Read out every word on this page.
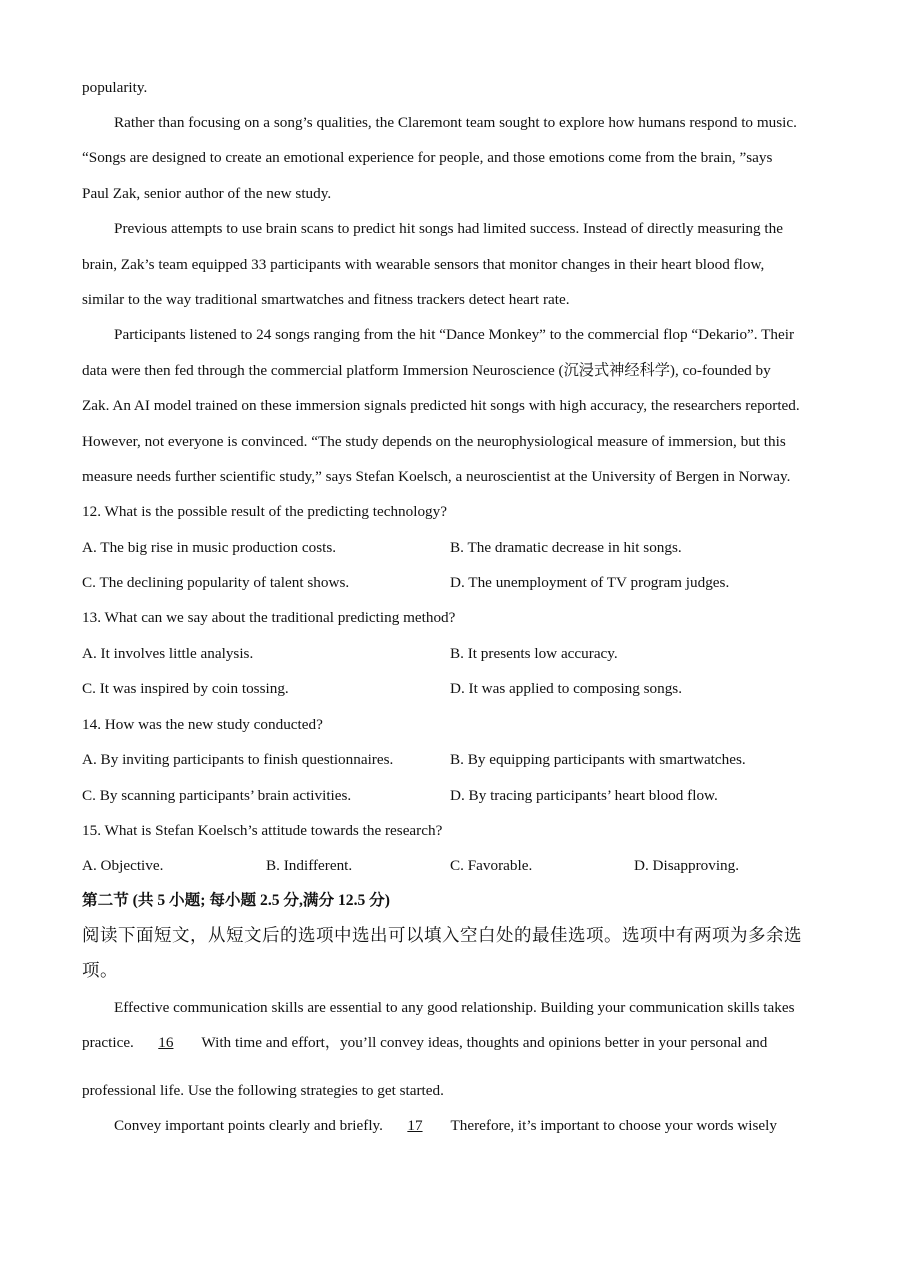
popularity.
Rather than focusing on a song’s qualities, the Claremont team sought to explore how humans respond to music.
“Songs are designed to create an emotional experience for people, and those emotions come from the brain, ”says
Paul Zak, senior author of the new study.
Previous attempts to use brain scans to predict hit songs had limited success. Instead of directly measuring the
brain, Zak’s team equipped 33 participants with wearable sensors that monitor changes in their heart blood flow,
similar to the way traditional smartwatches and fitness trackers detect heart rate.
Participants listened to 24 songs ranging from the hit “Dance Monkey” to the commercial flop “Dekario”. Their
data were then fed through the commercial platform Immersion Neuroscience (沉浸式神经科学), co-founded by
Zak. An AI model trained on these immersion signals predicted hit songs with high accuracy, the researchers reported.
However, not everyone is convinced. “The study depends on the neurophysiological measure of immersion, but this
measure needs further scientific study,” says Stefan Koelsch, a neuroscientist at the University of Bergen in Norway.
12. What is the possible result of the predicting technology?
A. The big rise in music production costs.	B. The dramatic decrease in hit songs.
C. The declining popularity of talent shows.	D. The unemployment of TV program judges.
13. What can we say about the traditional predicting method?
A. It involves little analysis.	B. It presents low accuracy.
C. It was inspired by coin tossing.	D. It was applied to composing songs.
14. How was the new study conducted?
A. By inviting participants to finish questionnaires.	B. By equipping participants with smartwatches.
C. By scanning participants’ brain activities.	D. By tracing participants’ heart blood flow.
15. What is Stefan Koelsch’s attitude towards the research?
A. Objective.	B. Indifferent.	C. Favorable.	D. Disapproving.
第二节 (共 5 小题; 每小题 2.5 分,满分 12.5 分)
阅读下面短文，从短文后的选项中选出可以填入空白处的最佳选项。选项中有两项为多余选
项。
Effective communication skills are essential to any good relationship. Building your communication skills takes
practice. 16 With time and effort，you’ll convey ideas, thoughts and opinions better in your personal and
professional life. Use the following strategies to get started.
Convey important points clearly and briefly. 17 Therefore, it’s important to choose your words wisely
